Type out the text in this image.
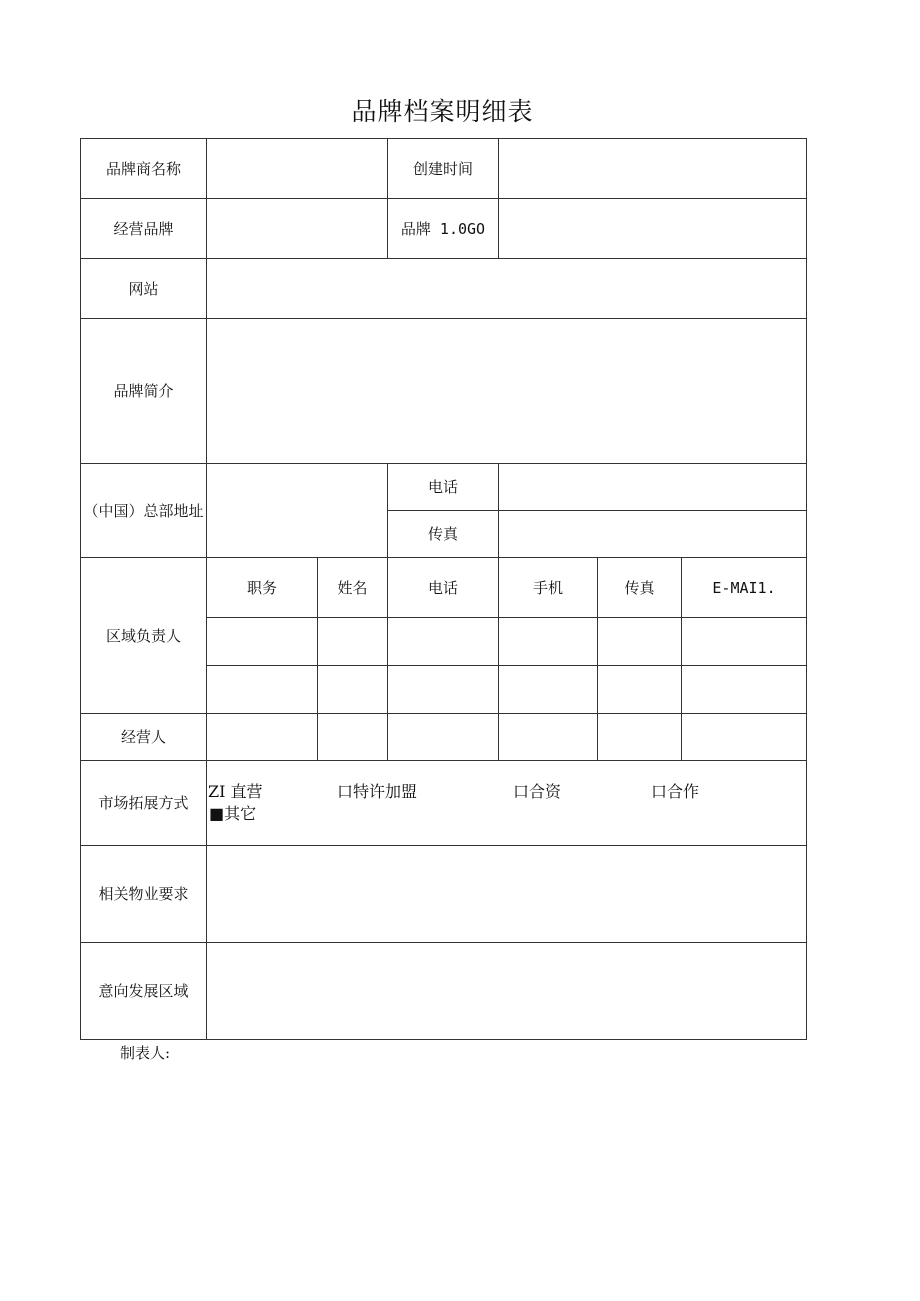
品牌档案明细表
品牌商名称			创建时间			
经营品牌			品牌 1.0GO			
网站						
品牌简介						
（中国）总部地址			电话			
			传真			
区域负责人	职务	姓名	电话	手机	传真	E-MAI1.

经营人						
市场拓展方式	ZI 直营 口特许加盟 口合资 口合作
■其它					

相关物业要求						
意向发展区域						
制表人:
